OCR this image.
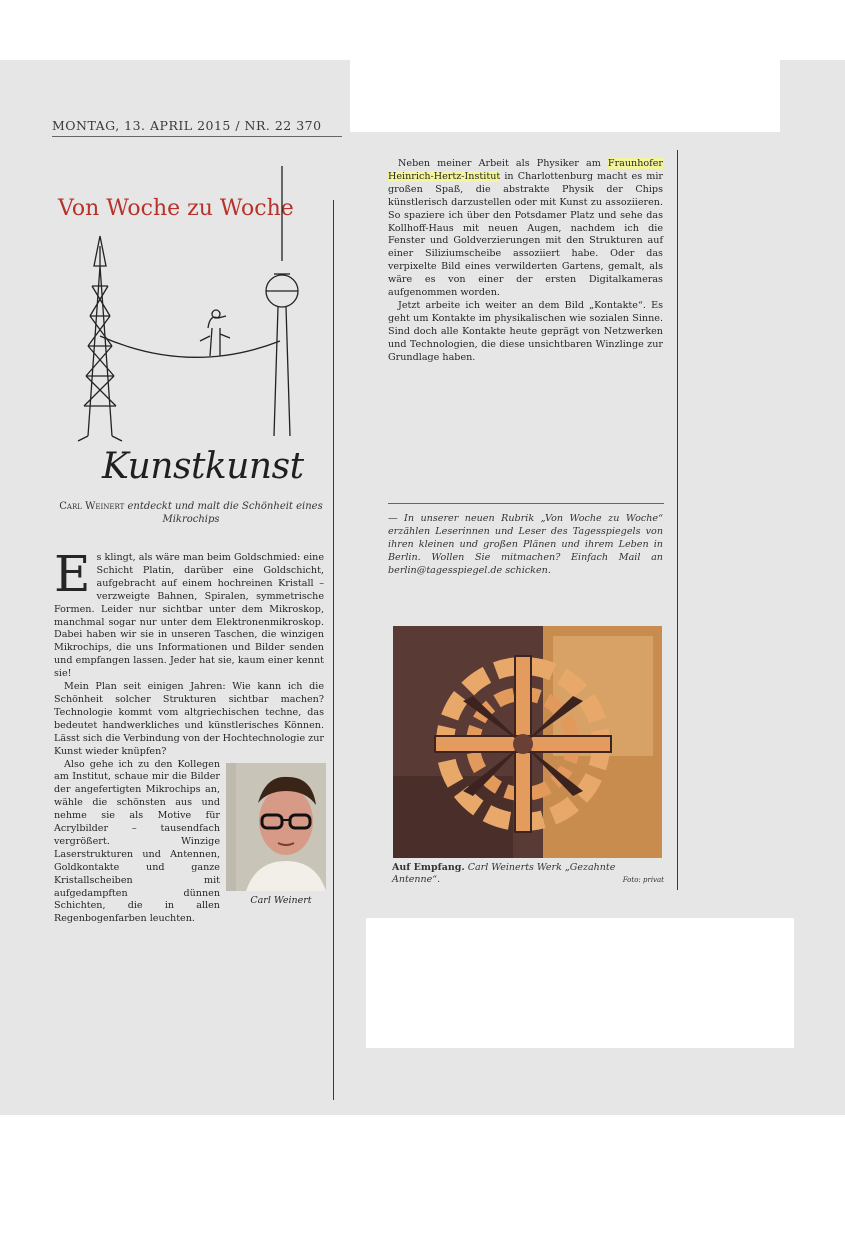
MONTAG, 13. APRIL 2015 / NR. 22 370
Von Woche zu Woche
Kunstkunst
Carl Weinert entdeckt und malt die Schönheit eines Mikrochips

Es klingt, als wäre man beim Goldschmied: eine Schicht Platin, darüber eine Goldschicht, aufgebracht auf einem hochreinen Kristall – verzweigte Bahnen, Spiralen, symmetrische Formen. Leider nur sichtbar unter dem Mikroskop, manchmal sogar nur unter dem Elektronenmikroskop. Dabei haben wir sie in unseren Taschen, die winzigen Mikrochips, die uns Informationen und Bilder senden und empfangen lassen. Jeder hat sie, kaum einer kennt sie!

Mein Plan seit einigen Jahren: Wie kann ich die Schönheit solcher Strukturen sichtbar machen? Technologie kommt vom altgriechischen techne, das bedeutet handwerkliches und künstlerisches Können. Lässt sich die Verbindung von der Hochtechnologie zur Kunst wieder knüpfen?

Carl Weinert
Also gehe ich zu den Kollegen am Institut, schaue mir die Bilder der angefertigten Mikrochips an, wähle die schönsten aus und nehme sie als Motive für Acrylbilder – tausendfach vergrößert. Winzige Laserstrukturen und Antennen, Goldkontakte und ganze Kristallscheiben mit aufgedampften dünnen Schichten, die in allen Regenbogenfarben leuchten.

Neben meiner Arbeit als Physiker am Fraunhofer Heinrich-Hertz-Institut in Charlottenburg macht es mir großen Spaß, die abstrakte Physik der Chips künstlerisch darzustellen oder mit Kunst zu assoziieren. So spaziere ich über den Potsdamer Platz und sehe das Kollhoff-Haus mit neuen Augen, nachdem ich die Fenster und Goldverzierungen mit den Strukturen auf einer Siliziumscheibe assoziiert habe. Oder das verpixelte Bild eines verwilderten Gartens, gemalt, als wäre es von einer der ersten Digitalkameras aufgenommen worden.

Jetzt arbeite ich weiter an dem Bild „Kontakte“. Es geht um Kontakte im physikalischen wie sozialen Sinne. Sind doch alle Kontakte heute geprägt von Netzwerken und Technologien, die diese unsichtbaren Winzlinge zur Grundlage haben.

— In unserer neuen Rubrik „Von Woche zu Woche“ erzählen Leserinnen und Leser des Tagesspiegels von ihren kleinen und großen Plänen und ihrem Leben in Berlin. Wollen Sie mitmachen? Einfach Mail an berlin@tagesspiegel.de schicken.
Auf Empfang. Carl Weinerts Werk „Gezahnte Antenne“.	Foto: privat
